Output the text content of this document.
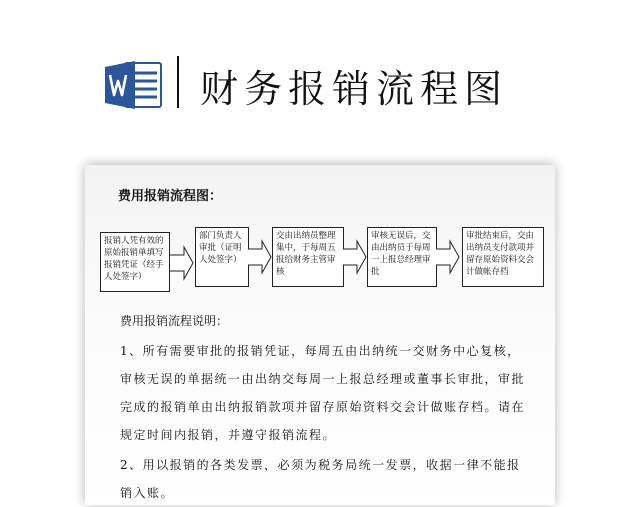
财务报销流程图
费用报销流程图：
报销人凭有效的原始报销单填写报销凭证（经手人处签字）
部门负责人审批（证明人处签字）
交由出纳员整理集中，于每周五报给财务主管审核
审核无误后，交由出纳员于每周一上报总经理审批
审批结束后，交由出纳员支付款项并留存原始资料交会计做帐存档
费用报销流程说明：
1、所有需要审批的报销凭证，每周五由出纳统一交财务中心复核，审核无误的单据统一由出纳交每周一上报总经理或董事长审批，审批完成的报销单由出纳报销款项并留存原始资料交会计做账存档。请在规定时间内报销，并遵守报销流程。
2、用以报销的各类发票，必须为税务局统一发票，收据一律不能报销入账。
